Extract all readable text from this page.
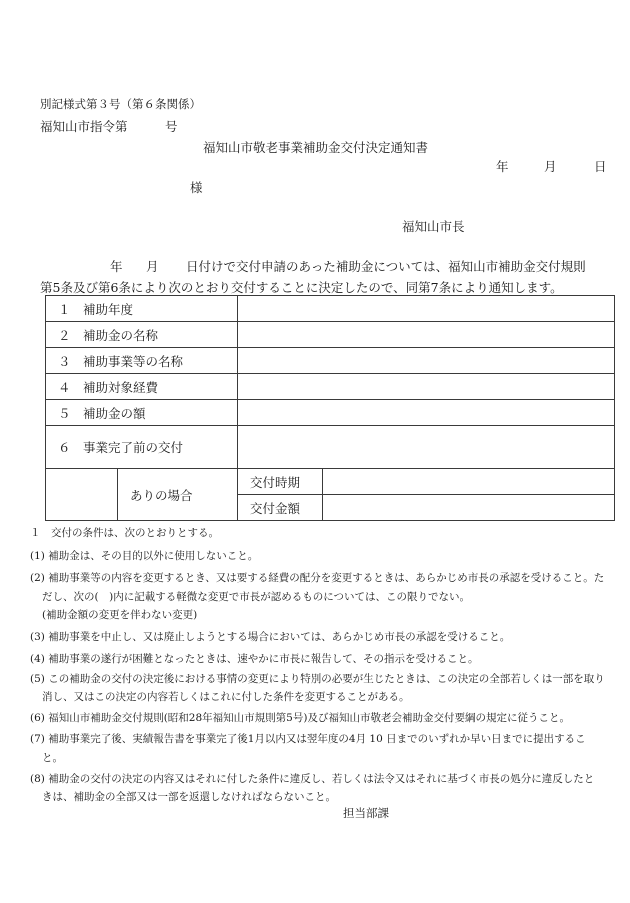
別記様式第３号（第６条関係）
福知山市指令第　　　号
福知山市敬老事業補助金交付決定通知書
年	月	日
様
福知山市長
年 月 日付けで交付申請のあった補助金については、福知山市補助金交付規則
第5条及び第6条により次のとおり交付することに決定したので、同第7条により通知します。
１　補助年度			
２　補助金の名称			
３　補助事業等の名称			
４　補助対象経費			
５　補助金の額			
６　事業完了前の交付			
	ありの場合	交付時期	
		交付金額	
１　交付の条件は、次のとおりとする。
(1) 補助金は、その目的以外に使用しないこと。
(2) 補助事業等の内容を変更するとき、又は要する経費の配分を変更するときは、あらかじめ市長の承認を受けること。た
だし、次の(　)内に記載する軽微な変更で市長が認めるものについては、この限りでない。
(補助金額の変更を伴わない変更)
(3) 補助事業を中止し、又は廃止しようとする場合においては、あらかじめ市長の承認を受けること。
(4) 補助事業の遂行が困難となったときは、速やかに市長に報告して、その指示を受けること。
(5) この補助金の交付の決定後における事情の変更により特別の必要が生じたときは、この決定の全部若しくは一部を取り
消し、又はこの決定の内容若しくはこれに付した条件を変更することがある。
(6) 福知山市補助金交付規則(昭和28年福知山市規則第5号)及び福知山市敬老会補助金交付要綱の規定に従うこと。
(7) 補助事業完了後、実績報告書を事業完了後1月以内又は翌年度の4月 10 日までのいずれか早い日までに提出するこ
と。
(8) 補助金の交付の決定の内容又はそれに付した条件に違反し、若しくは法令又はそれに基づく市長の処分に違反したと
きは、補助金の全部又は一部を返還しなければならないこと。
担当部課
